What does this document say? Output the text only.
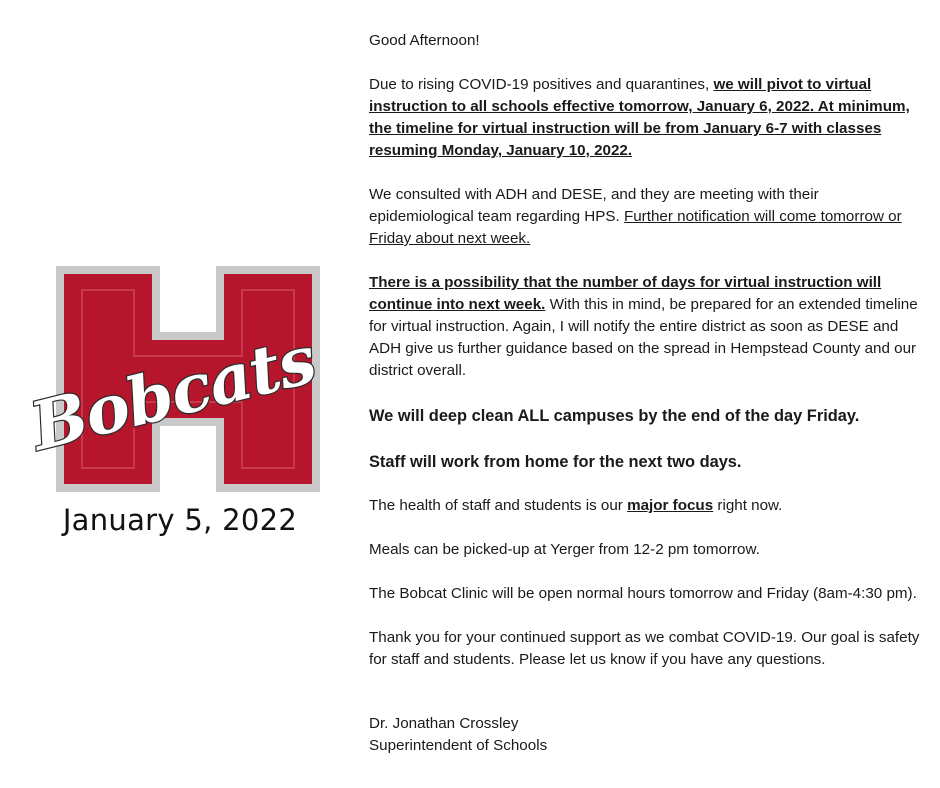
Bobcats
January 5, 2022

Good Afternoon!

Due to rising COVID-19 positives and quarantines, we will pivot to virtual instruction to all schools effective tomorrow, January 6, 2022. At minimum, the timeline for virtual instruction will be from January 6-7 with classes resuming Monday, January 10, 2022.

We consulted with ADH and DESE, and they are meeting with their epidemiological team regarding HPS. Further notification will come tomorrow or Friday about next week.

There is a possibility that the number of days for virtual instruction will continue into next week. With this in mind, be prepared for an extended timeline for virtual instruction. Again, I will notify the entire district as soon as DESE and ADH give us further guidance based on the spread in Hempstead County and our district overall.

We will deep clean ALL campuses by the end of the day Friday.

Staff will work from home for the next two days.

The health of staff and students is our major focus right now.

Meals can be picked-up at Yerger from 12-2 pm tomorrow.

The Bobcat Clinic will be open normal hours tomorrow and Friday (8am-4:30 pm).

Thank you for your continued support as we combat COVID-19. Our goal is safety for staff and students. Please let us know if you have any questions.

Dr. Jonathan Crossley

Superintendent of Schools
